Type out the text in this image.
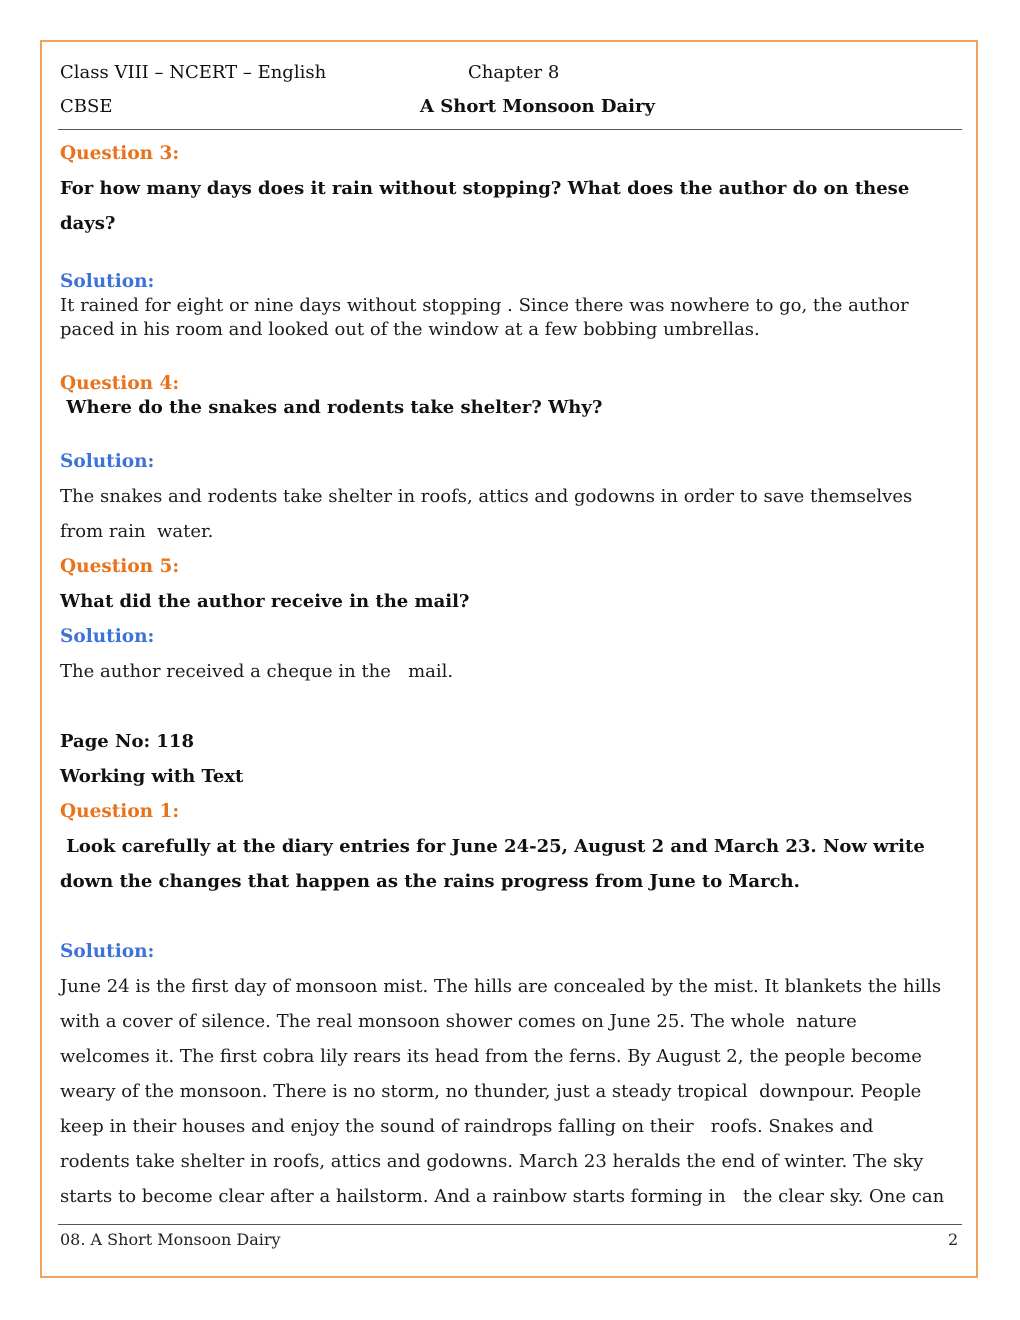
Class VIII – NCERT – English	Chapter 8
CBSE	A Short Monsoon Dairy
Question 3:
For how many days does it rain without stopping? What does the author do on these
days?
Solution:
It rained for eight or nine days without stopping . Since there was nowhere to go, the author
paced in his room and looked out of the window at a few bobbing umbrellas.
Question 4:
Where do the snakes and rodents take shelter? Why?
Solution:
The snakes and rodents take shelter in roofs, attics and godowns in order to save themselves
from rain  water.
Question 5:
What did the author receive in the mail?
Solution:
The author received a cheque in the   mail.
Page No: 118
Working with Text
Question 1:
Look carefully at the diary entries for June 24-25, August 2 and March 23. Now write
down the changes that happen as the rains progress from June to March.
Solution:
June 24 is the first day of monsoon mist. The hills are concealed by the mist. It blankets the hills
with a cover of silence. The real monsoon shower comes on June 25. The whole  nature
welcomes it. The first cobra lily rears its head from the ferns. By August 2, the people become
weary of the monsoon. There is no storm, no thunder, just a steady tropical  downpour. People
keep in their houses and enjoy the sound of raindrops falling on their   roofs. Snakes and
rodents take shelter in roofs, attics and godowns. March 23 heralds the end of winter. The sky
starts to become clear after a hailstorm. And a rainbow starts forming in   the clear sky. One can
08. A Short Monsoon Dairy	2
